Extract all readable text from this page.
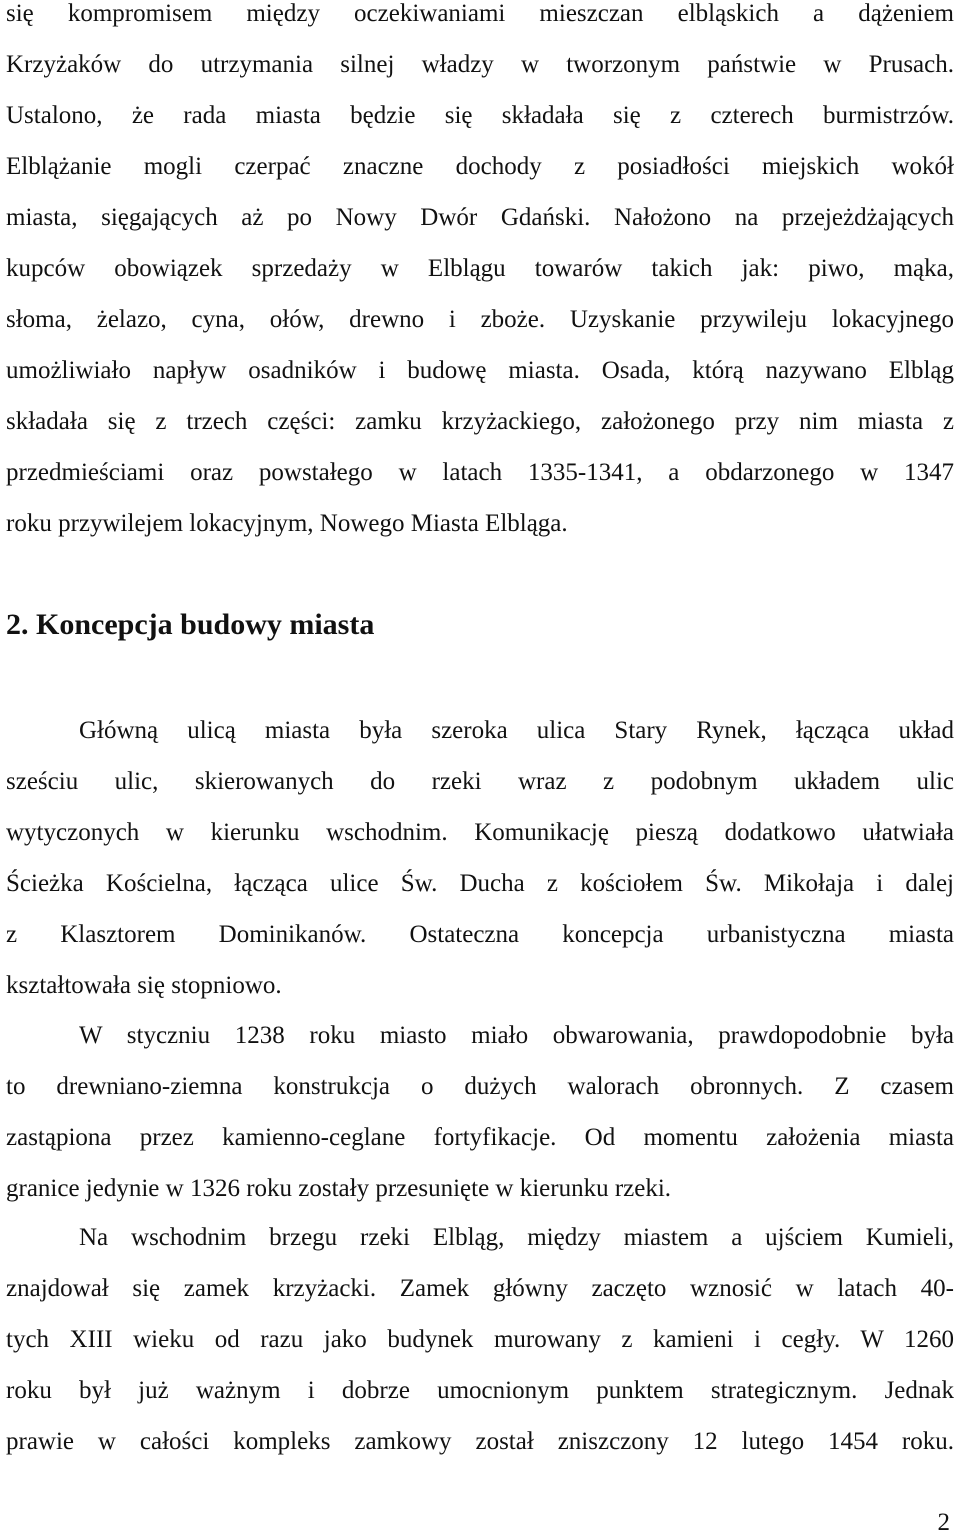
się kompromisem między oczekiwaniami mieszczan elbląskich a dążeniem
Krzyżaków do utrzymania silnej władzy w tworzonym państwie w Prusach.
Ustalono, że rada miasta będzie się składała się z czterech burmistrzów.
Elblążanie mogli czerpać znaczne dochody z posiadłości miejskich wokół
miasta, sięgających aż po Nowy Dwór Gdański. Nałożono na przejeżdżających
kupców obowiązek sprzedaży w Elblągu towarów takich jak: piwo, mąka,
słoma, żelazo, cyna, ołów, drewno i zboże. Uzyskanie przywileju lokacyjnego
umożliwiało napływ osadników i budowę miasta. Osada, którą nazywano Elbląg
składała się z trzech części: zamku krzyżackiego, założonego przy nim miasta z
przedmieściami oraz powstałego w latach 1335-1341, a obdarzonego w 1347
roku przywilejem lokacyjnym, Nowego Miasta Elbląga.
2. Koncepcja budowy miasta
Główną ulicą miasta była szeroka ulica Stary Rynek, łącząca układ
sześciu ulic, skierowanych do rzeki wraz z podobnym układem ulic
wytyczonych w kierunku wschodnim. Komunikację pieszą dodatkowo ułatwiała
Ścieżka Kościelna, łącząca ulice Św. Ducha z kościołem Św. Mikołaja i dalej
z Klasztorem Dominikanów. Ostateczna koncepcja urbanistyczna miasta
kształtowała się stopniowo.
W styczniu 1238 roku miasto miało obwarowania, prawdopodobnie była
to drewniano-ziemna konstrukcja o dużych walorach obronnych. Z czasem
zastąpiona przez kamienno-ceglane fortyfikacje. Od momentu założenia miasta
granice jedynie w 1326 roku zostały przesunięte w kierunku rzeki.
Na wschodnim brzegu rzeki Elbląg, między miastem a ujściem Kumieli,
znajdował się zamek krzyżacki. Zamek główny zaczęto wznosić w latach 40-
tych XIII wieku od razu jako budynek murowany z kamieni i cegły. W 1260
roku był już ważnym i dobrze umocnionym punktem strategicznym. Jednak
prawie w całości kompleks zamkowy został zniszczony 12 lutego 1454 roku.
2
